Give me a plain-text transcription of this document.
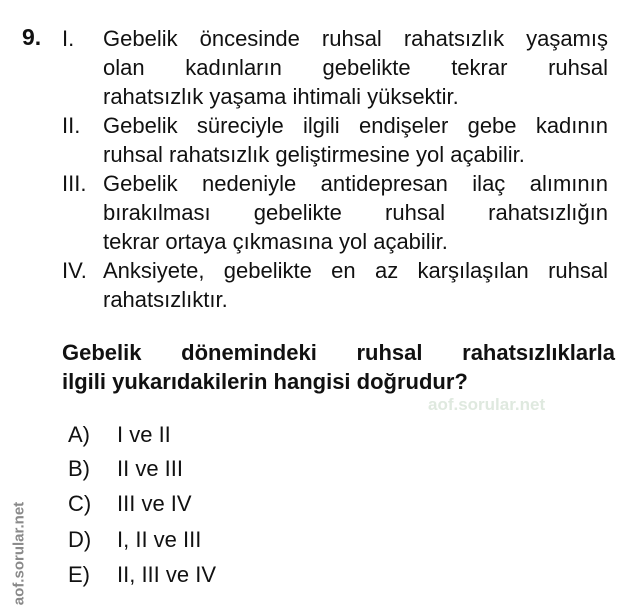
9. I. Gebelik öncesinde ruhsal rahatsızlık yaşamış
olan kadınların gebelikte tekrar ruhsal
rahatsızlık yaşama ihtimali yüksektir.
II. Gebelik süreciyle ilgili endişeler gebe kadının
ruhsal rahatsızlık geliştirmesine yol açabilir.
III. Gebelik nedeniyle antidepresan ilaç alımının
bırakılması gebelikte ruhsal rahatsızlığın
tekrar ortaya çıkmasına yol açabilir.
IV. Anksiyete, gebelikte en az karşılaşılan ruhsal
rahatsızlıktır.
Gebelik dönemindeki ruhsal rahatsızlıklarla
ilgili yukarıdakilerin hangisi doğrudur?
aof.sorular.net
A) I ve II
B) II ve III
C) III ve IV
D) I, II ve III
E) II, III ve IV
aof.sorular.net
